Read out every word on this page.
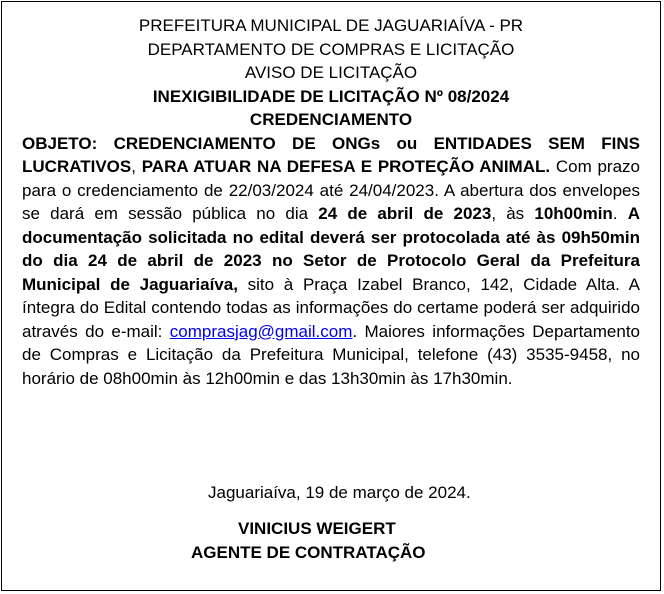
PREFEITURA MUNICIPAL DE JAGUARIAÍVA - PR

DEPARTAMENTO DE COMPRAS E LICITAÇÃO

AVISO DE LICITAÇÃO

INEXIGIBILIDADE DE LICITAÇÃO Nº 08/2024

CREDENCIAMENTO

OBJETO: CREDENCIAMENTO DE ONGs ou ENTIDADES SEM FINS LUCRATIVOS, PARA ATUAR NA DEFESA E PROTEÇÃO ANIMAL. Com prazo para o credenciamento de 22/03/2024 até 24/04/2023. A abertura dos envelopes se dará em sessão pública no dia 24 de abril de 2023, às 10h00min. A documentação solicitada no edital deverá ser protocolada até às 09h50min do dia 24 de abril de 2023 no Setor de Protocolo Geral da Prefeitura Municipal de Jaguariaíva, sito à Praça Izabel Branco, 142, Cidade Alta. A íntegra do Edital contendo todas as informações do certame poderá ser adquirido através do e-mail: comprasjag@gmail.com. Maiores informações Departamento de Compras e Licitação da Prefeitura Municipal, telefone (43) 3535-9458, no horário de 08h00min às 12h00min e das 13h30min às 17h30min.

Jaguariaíva, 19 de março de 2024.
VINICIUS WEIGERT
AGENTE DE CONTRATAÇÃO
